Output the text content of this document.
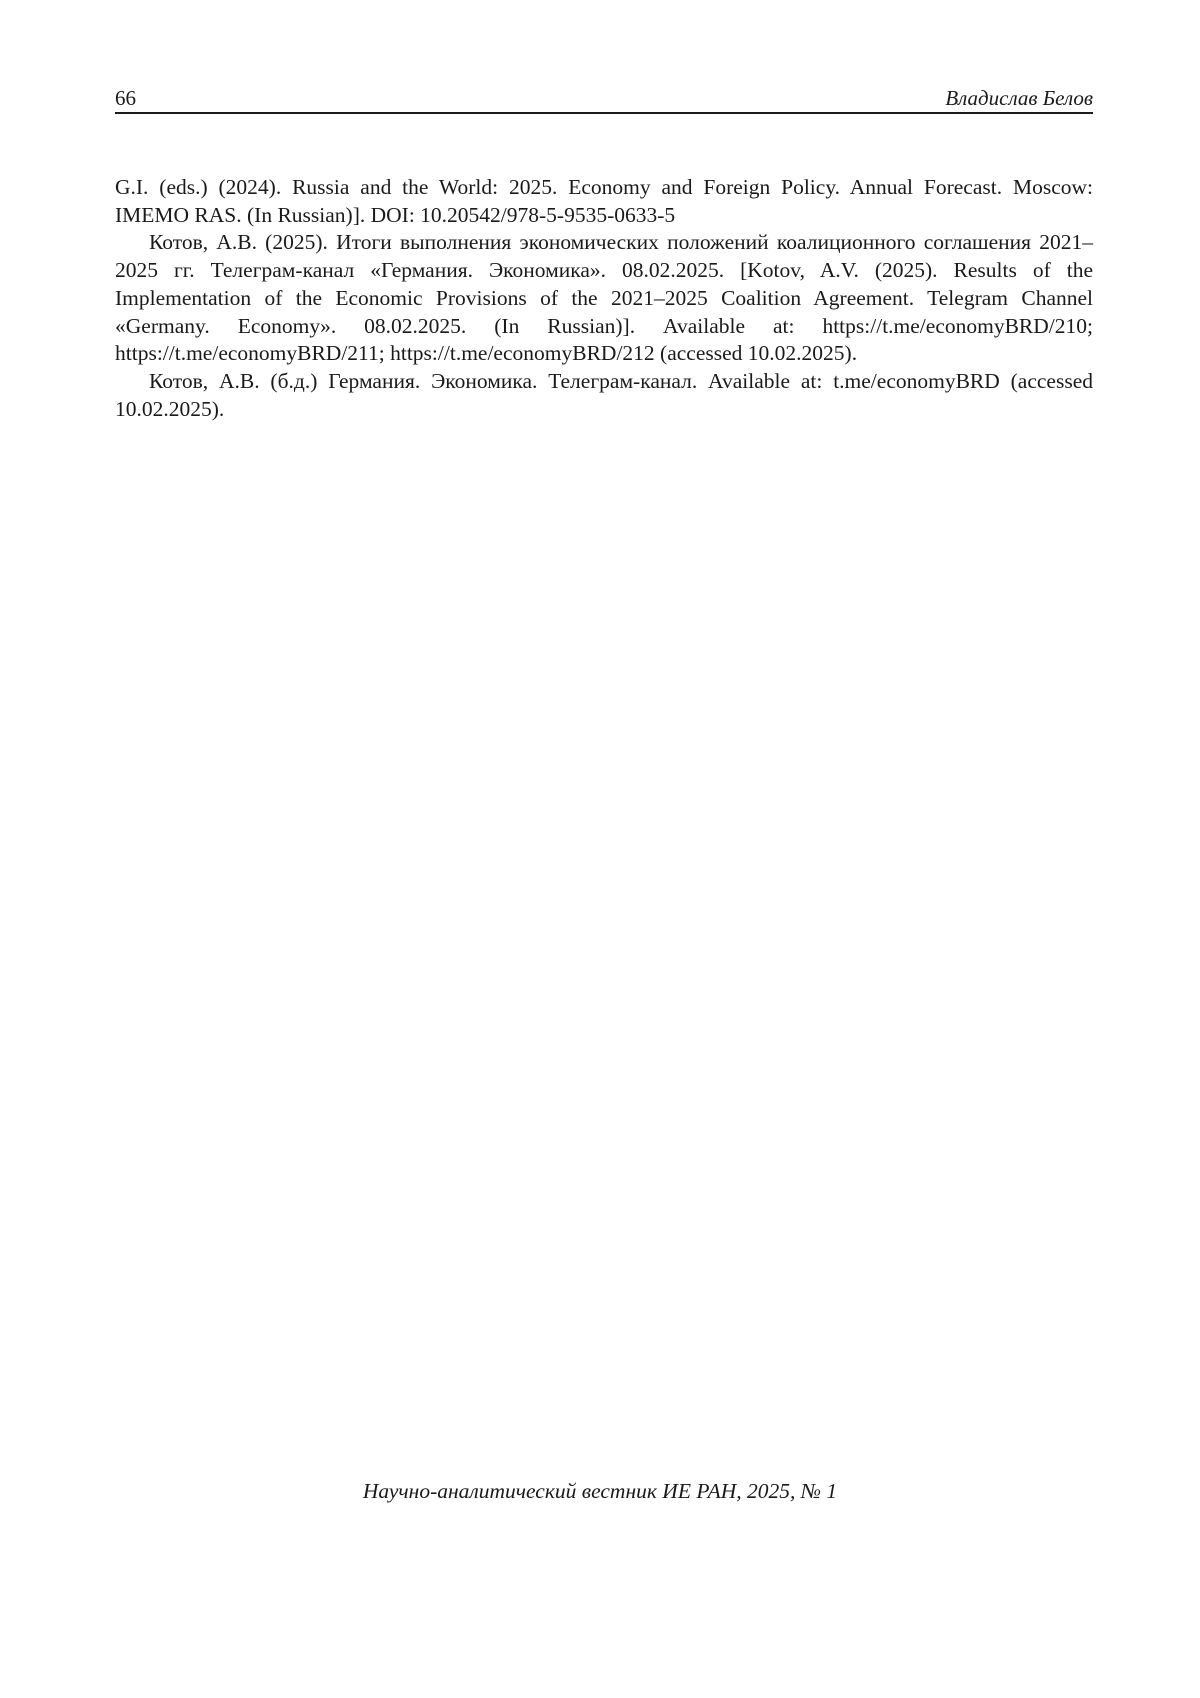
66	Владислав Белов

G.I. (eds.) (2024). Russia and the World: 2025. Economy and Foreign Policy. Annual Forecast. Moscow: IMEMO RAS. (In Russian)]. DOI: 10.20542/978-5-9535-0633-5

Котов, А.В. (2025). Итоги выполнения экономических положений коалиционного соглашения 2021–2025 гг. Телеграм-канал «Германия. Экономика». 08.02.2025. [Kotov, A.V. (2025). Results of the Implementation of the Economic Provisions of the 2021–2025 Coalition Agreement. Telegram Channel «Germany. Economy». 08.02.2025. (In Russian)]. Available at: https://t.me/economyBRD/210; https://t.me/economyBRD/211; https://t.me/economyBRD/212 (accessed 10.02.2025).

Котов, А.В. (б.д.) Германия. Экономика. Телеграм-канал. Available at: t.me/economyBRD (accessed 10.02.2025).

Научно-аналитический вестник ИЕ РАН, 2025, № 1
